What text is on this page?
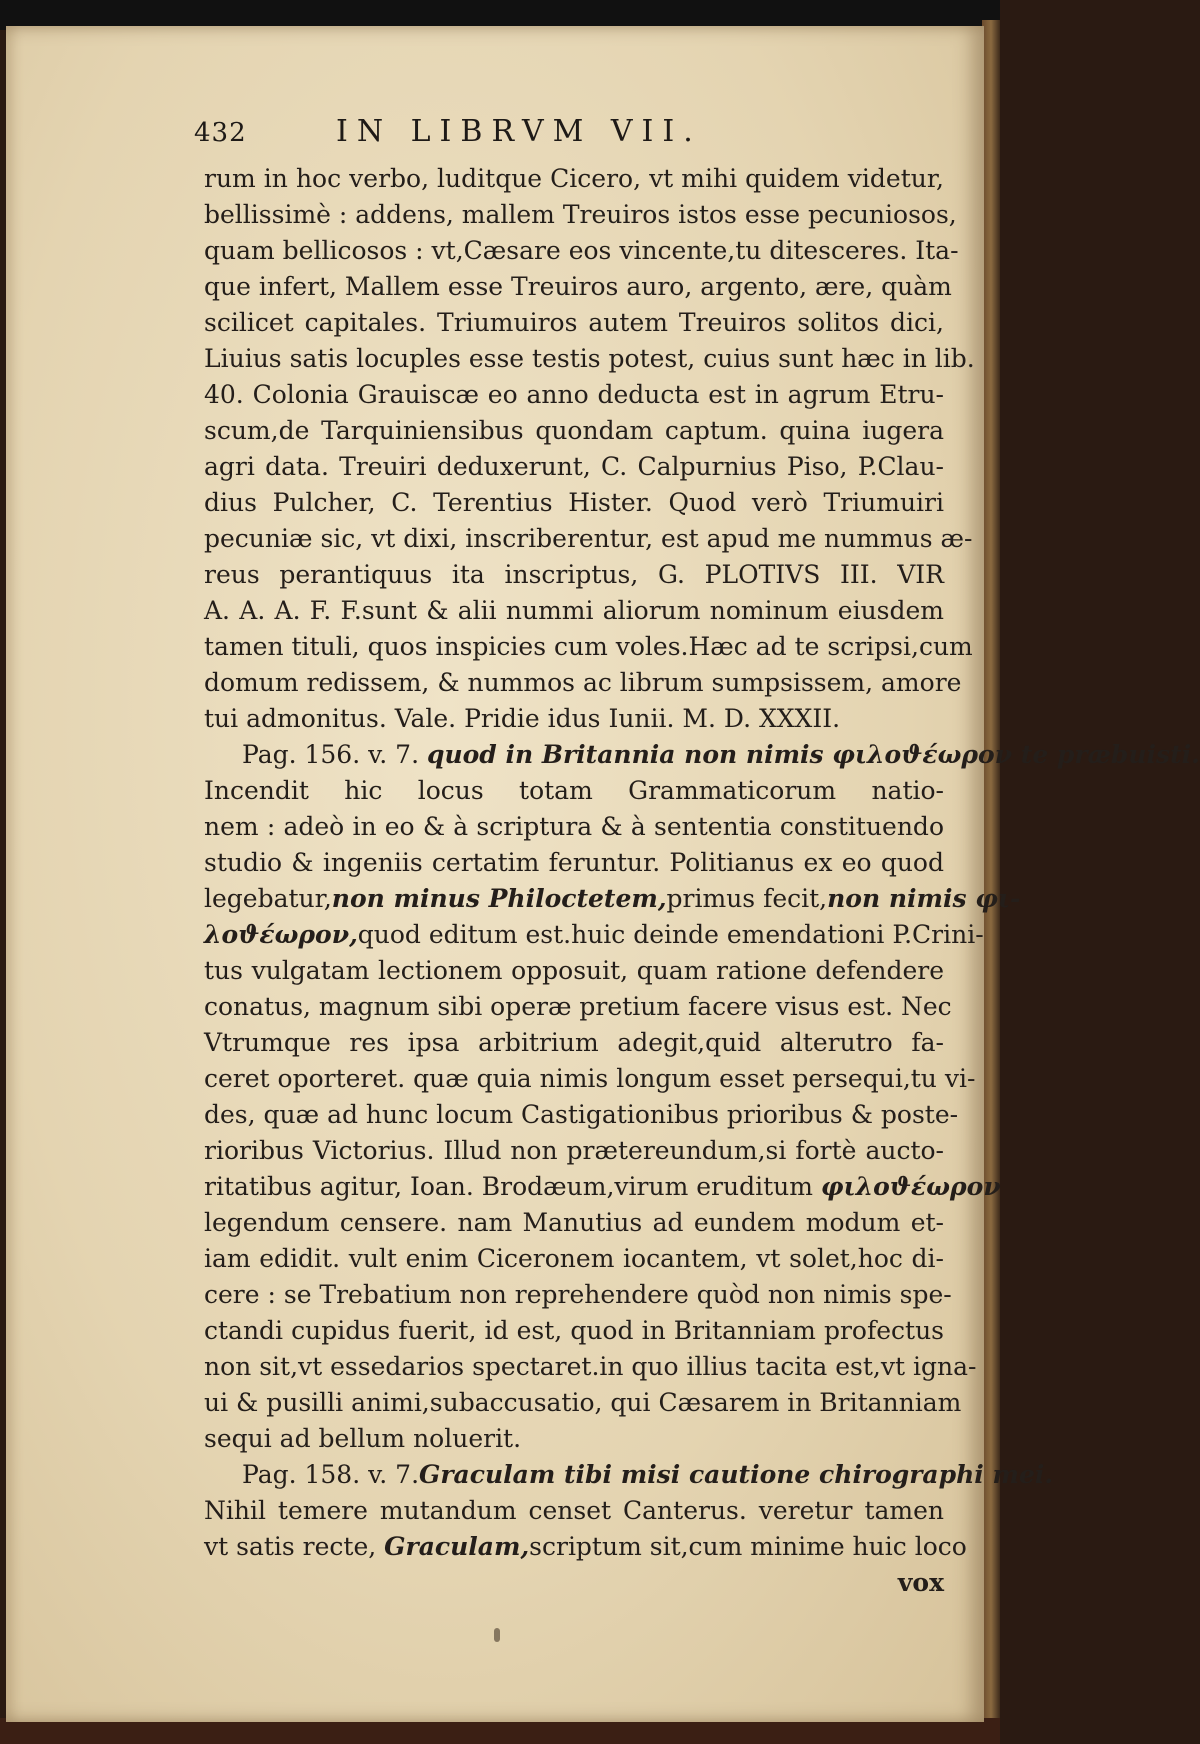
432	IN LIBRVM VII.
rum in hoc verbo, luditque Cicero, vt mihi quidem videtur,
bellissimè : addens, mallem Treuiros istos esse pecuniosos,
quam bellicosos : vt,Cæsare eos vincente,tu ditesceres. Ita-
que infert, Mallem esse Treuiros auro, argento, ære, quàm
scilicet capitales. Triumuiros autem Treuiros solitos dici,
Liuius satis locuples esse testis potest, cuius sunt hæc in lib.
40. Colonia Grauiscæ eo anno deducta est in agrum Etru-
scum,de Tarquiniensibus quondam captum. quina iugera
agri data. Treuiri deduxerunt, C. Calpurnius Piso, P.Clau-
dius Pulcher, C. Terentius Hister. Quod verò Triumuiri
pecuniæ sic, vt dixi, inscriberentur, est apud me nummus æ-
reus perantiquus ita inscriptus, G. PLOTIVS III. VIR
A. A. A. F. F.sunt & alii nummi aliorum nominum eiusdem
tamen tituli, quos inspicies cum voles.Hæc ad te scripsi,cum
domum redissem, & nummos ac librum sumpsissem, amore
tui admonitus. Vale. Pridie idus Iunii. M. D. XXXII.
Pag. 156. v. 7. quod in Britannia non nimis φιλοϑέωρον te præbuisti.
Incendit hic locus totam Grammaticorum natio-
nem : adeò in eo & à scriptura & à sententia constituendo
studio & ingeniis certatim feruntur. Politianus ex eo quod
legebatur,non minus Philoctetem,primus fecit,non nimis φι-
λοϑέωρον,quod editum est.huic deinde emendationi P.Crini-
tus vulgatam lectionem opposuit, quam ratione defendere
conatus, magnum sibi operæ pretium facere visus est. Nec
Vtrumque res ipsa arbitrium adegit,quid alterutro fa-
ceret oporteret. quæ quia nimis longum esset persequi,tu vi-
des, quæ ad hunc locum Castigationibus prioribus & poste-
rioribus Victorius. Illud non prætereundum,si fortè aucto-
ritatibus agitur, Ioan. Brodæum,virum eruditum φιλοϑέωρον
legendum censere. nam Manutius ad eundem modum et-
iam edidit. vult enim Ciceronem iocantem, vt solet,hoc di-
cere : se Trebatium non reprehendere quòd non nimis spe-
ctandi cupidus fuerit, id est, quod in Britanniam profectus
non sit,vt essedarios spectaret.in quo illius tacita est,vt igna-
ui & pusilli animi,subaccusatio, qui Cæsarem in Britanniam
sequi ad bellum noluerit.
Pag. 158. v. 7.Graculam tibi misi cautione chirographi mei.
Nihil temere mutandum censet Canterus. veretur tamen
vt satis recte, Graculam,scriptum sit,cum minime huic loco
vox
